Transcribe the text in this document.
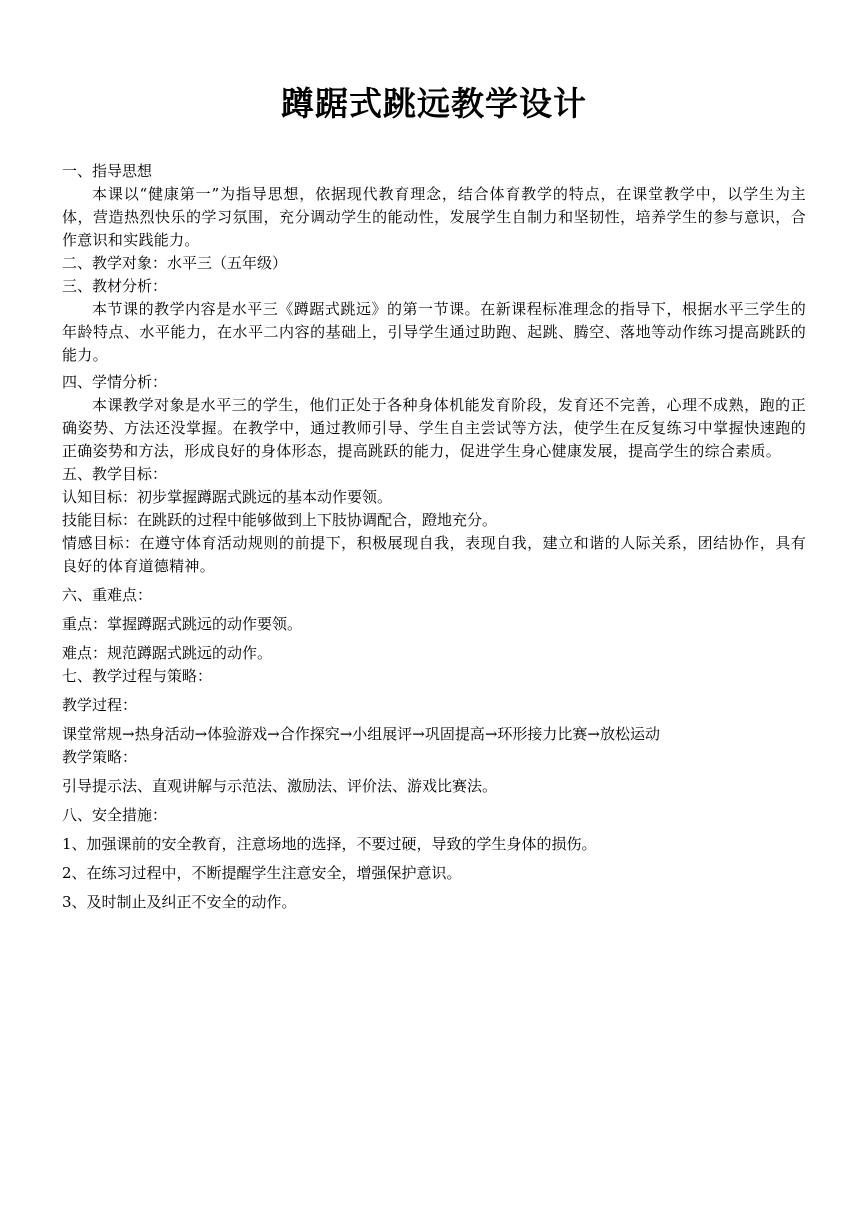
蹲踞式跳远教学设计

一、指导思想

本课以“健康第一”为指导思想，依据现代教育理念，结合体育教学的特点，在课堂教学中，以学生为主体，营造热烈快乐的学习氛围，充分调动学生的能动性，发展学生自制力和坚韧性，培养学生的参与意识，合作意识和实践能力。

二、教学对象：水平三（五年级）

三、教材分析：

本节课的教学内容是水平三《蹲踞式跳远》的第一节课。在新课程标准理念的指导下，根据水平三学生的年龄特点、水平能力，在水平二内容的基础上，引导学生通过助跑、起跳、腾空、落地等动作练习提高跳跃的能力。

四、学情分析：

本课教学对象是水平三的学生，他们正处于各种身体机能发育阶段，发育还不完善，心理不成熟，跑的正确姿势、方法还没掌握。在教学中，通过教师引导、学生自主尝试等方法，使学生在反复练习中掌握快速跑的正确姿势和方法，形成良好的身体形态，提高跳跃的能力，促进学生身心健康发展，提高学生的综合素质。

五、教学目标：

认知目标：初步掌握蹲踞式跳远的基本动作要领。

技能目标：在跳跃的过程中能够做到上下肢协调配合，蹬地充分。

情感目标：在遵守体育活动规则的前提下，积极展现自我，表现自我，建立和谐的人际关系，团结协作，具有良好的体育道德精神。

六、重难点：

重点：掌握蹲踞式跳远的动作要领。

难点：规范蹲踞式跳远的动作。

七、教学过程与策略：

教学过程：

课堂常规→热身活动→体验游戏→合作探究→小组展评→巩固提高→环形接力比赛→放松运动

教学策略：

引导提示法、直观讲解与示范法、激励法、评价法、游戏比赛法。

八、安全措施：

1、加强课前的安全教育，注意场地的选择，不要过硬，导致的学生身体的损伤。

2、在练习过程中，不断提醒学生注意安全，增强保护意识。

3、及时制止及纠正不安全的动作。
